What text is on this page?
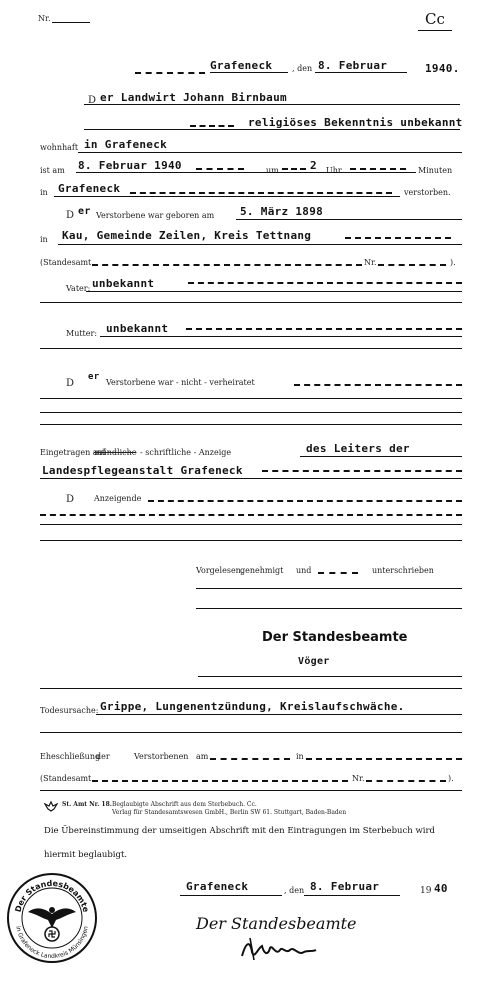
Nr.	Cc
Grafeneck , den 8. Februar	1940.
D er Landwirt Johann Birnbaum
religiöses Bekenntnis unbekannt
wohnhaft in Grafeneck
ist am 8. Februar 1940	um	2 Uhr	Minuten
in Grafeneck	verstorben.
D er Verstorbene war geboren am 5. März 1898
in Kau, Gemeinde Zeilen, Kreis Tettnang
(Standesamt	Nr.	).
Vater: unbekannt
Mutter: unbekannt
D
er
Verstorbene war - nicht - verheiratet
Eingetragen auf
mündliche - schriftliche - Anzeige	des Leiters der
Landespflegeanstalt Grafeneck
D Anzeigende
Vorgelesen,
genehmigt und	unterschrieben
Der Standesbeamte
Vöger
Todesursache: Grippe, Lungenentzündung, Kreislaufschwäche.
Eheschließung
der	Verstorbenen am	in
(Standesamt	Nr.	).
St. Amt Nr. 18. Beglaubigte Abschrift aus dem Sterbebuch. Cc.
Verlag für Standesamtswesen GmbH., Berlin SW 61. Stuttgart, Baden-Baden
Die Übereinstimmung der umseitigen Abschrift mit den Eintragungen im Sterbebuch wird
hiermit beglaubigt.
Grafeneck	, den 8. Februar	19 40
Der Standesbeamte
Der Standesbeamte
in Grafeneck Landkreis Münsingen
